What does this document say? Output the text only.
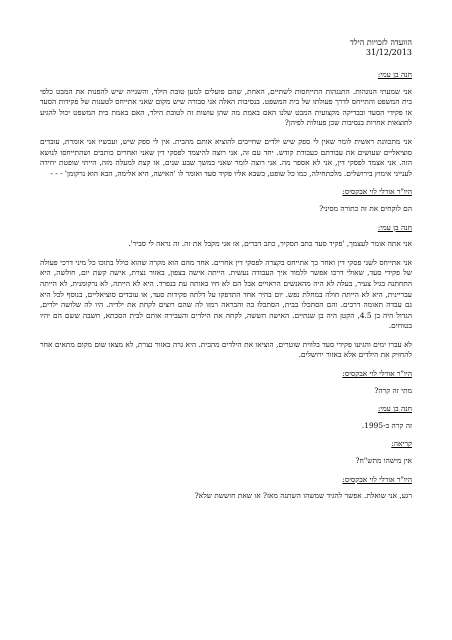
הוועדה לזכויות הילד
31/12/2013
חנה בן עמי:

אני שמעתי הנוגהות. התנגהות התייחסות לשתיים, האחת, שהם פועלים למען טובת הילד, והשנייה שיש להפנות את המבט כלפי בית המשפט והתייחס לדרך פעולתו של בית המשפט. בנסיבות האלה אני סבורה שיש מקום שאני אתייחס לטענות של פקידות הסעד או פקידי הסעד ובבדיקה מקצועית המבט שלנו האם באמת מה שהן עושות זה לטובת הילד, האם באמת בית המשפט יכול להגיע לתוצאות אחרות בנסיבות שכן פעולות לפיהן?

אני מתכוונת ראשית לומר שאין לי ספק שיש ילדים שחייבים להוציא אותם מהבית. אין לי ספק שיש, ועכשיו אני אומרת, עובדים סוציאליים שעושים את עבודתם כעבודת קודש. יחד עם זה, אני רוצה להיצמד לפסקי דין שאני ואחרים כותבים ושהתייחסו לנושא הזה. אני אצמד לפסקי דין, אני לא אספר מה. אני רוצה לומר שאני במשך שבע שנים, או קצת למעלה מזה, הייתי שופטת יחידה לענייני אימוץ בירושלים. מלכתחילה, כמו כל שופט, כשבא אליו פקיד סעד ואומר לו 'האישה, היא אלימה, הבא הוא נרקומן' - - -

היו"ר אורלי לוי אבקסיס:

הם לוקחים את זה כתורה מסיני?

חנה בן עמי:

אני אתה אומר לעצמך, 'פקיד סעד כתב תסקיר, כתב דברים, אז אני מקבל את זה. זה נראה לי סביר'.

אני אתייחס לשני פסקי דין ואחר כך אתייחס בקצרה לפסקי דין אחרים. אחד מהם הוא מקרה שהוא כולל בתוכו כל מיני דרכי פעולה של פקידי סעד, שאולי דרכו אפשר ללמוד איך העבודה נעשית. הייתה אישה בצפון, באזור נצרת, אישה קשת יום, חולשה, היא התחתנה בגיל צעיר, בעלה לא היה מהאנשים הראויים אבל הם לא חיו באותה עת בנפרד. היא לא הייתה, לא נרקומנית, לא הייתה עבריינית, היא לא הייתה חולה במחלת נפש. יום בהיר אחד התדפקו על דלתה פקידות סעד, או עובדים סוציאליים, בנוסף לכל היא גם עבדה תאומה דרכים. והם הסתכלו בבית, הסתכלו בה והבראה רמזו לה שהם רוצים לקחת את ילדיה. היו לה שלושה ילדים, הגדול היה בן 4.5, הקטן היה בן שנתיים. האישה חששה, לקחה את הילדים והעבירה אותם לבית הסבתא, חשבה ששם הם יהיו בטוחים.

לא עברו ימים והגיעו פקידי סעד בלווית שוטרים, הוציאו את הילדים מהבית. היא גרה באזור נצרת, לא מצאו שום מקום מתאים אחר להחזיק את הילדים אלא באזור ירושלים.

היו"ר אורלי לוי אבקסיס:

מתי זה קרה?

חנה בן עמי:

זה קרה ב-1995.

קריאה:

אין מישהו מתש"ח?

היו"ר אורלי לוי אבקסיס:

רגע, אני שואלת. אפשר להגיד שמשהו השתנה מאז? או שאת חוששת שלא?
